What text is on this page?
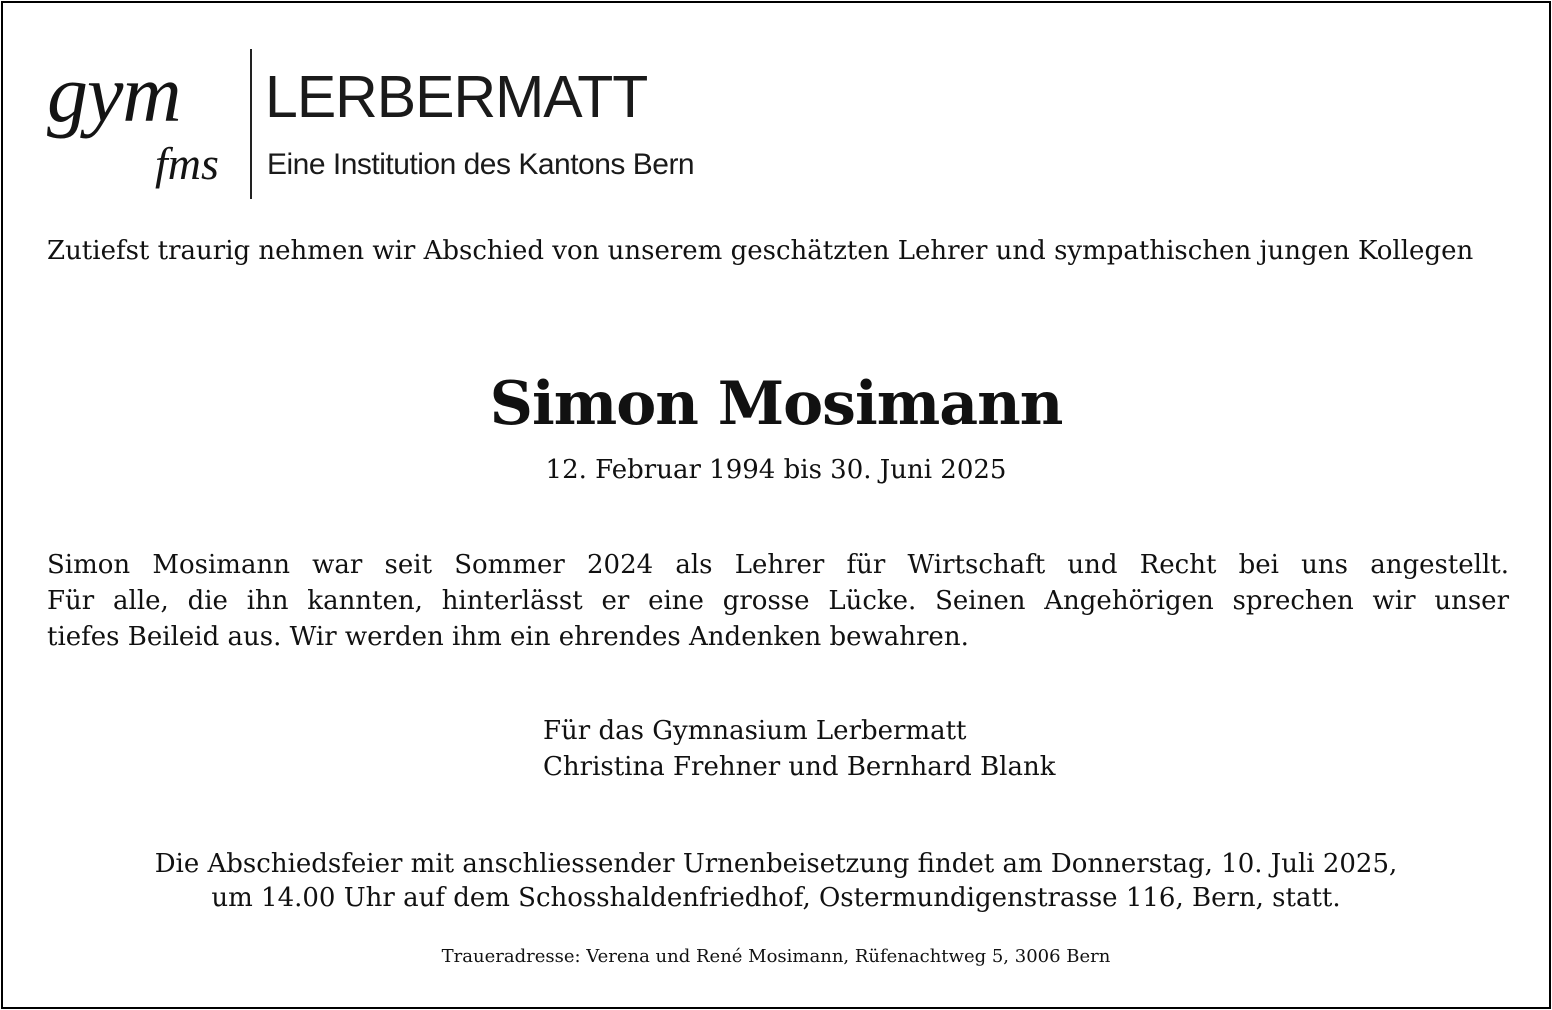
gym
fms
LERBERMATT
Eine Institution des Kantons Bern
Zutiefst traurig nehmen wir Abschied von unserem geschätzten Lehrer und sympathischen jungen Kollegen
Simon Mosimann
12. Februar 1994 bis 30. Juni 2025
Simon Mosimann war seit Sommer 2024 als Lehrer für Wirtschaft und Recht bei uns angestellt.
Für alle, die ihn kannten, hinterlässt er eine grosse Lücke. Seinen Angehörigen sprechen wir unser
tiefes Beileid aus. Wir werden ihm ein ehrendes Andenken bewahren.
Für das Gymnasium Lerbermatt
Christina Frehner und Bernhard Blank
Die Abschiedsfeier mit anschliessender Urnenbeisetzung findet am Donnerstag, 10. Juli 2025,
um 14.00 Uhr auf dem Schosshaldenfriedhof, Ostermundigenstrasse 116, Bern, statt.
Traueradresse: Verena und René Mosimann, Rüfenachtweg 5, 3006 Bern
